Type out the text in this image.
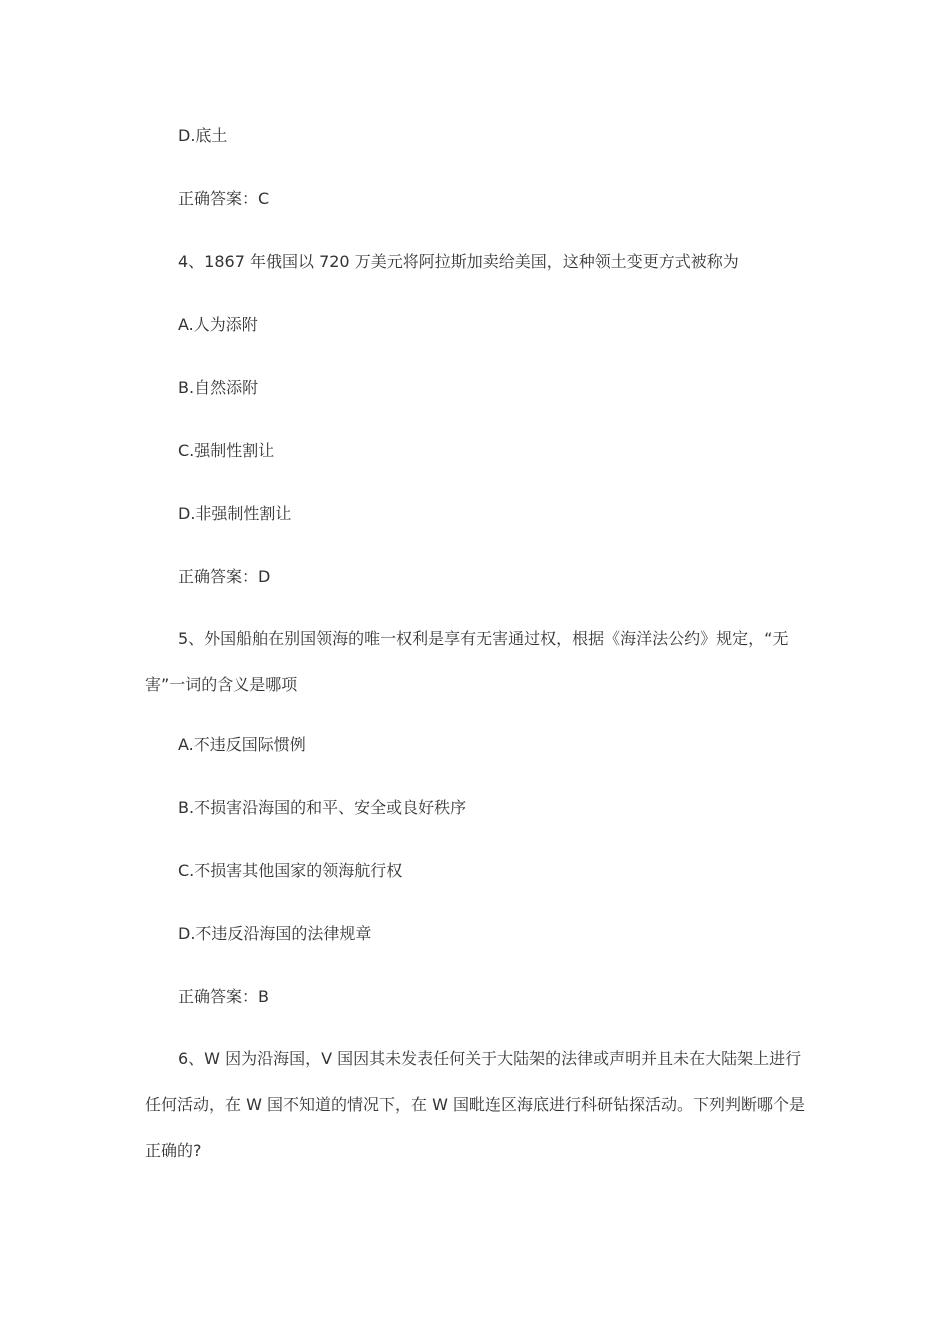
D.底土
正确答案：C
4、1867 年俄国以 720 万美元将阿拉斯加卖给美国，这种领土变更方式被称为
A.人为添附
B.自然添附
C.强制性割让
D.非强制性割让
正确答案：D
5、外国船舶在别国领海的唯一权利是享有无害通过权，根据《海洋法公约》规定，“无害”一词的含义是哪项
A.不违反国际惯例
B.不损害沿海国的和平、安全或良好秩序
C.不损害其他国家的领海航行权
D.不违反沿海国的法律规章
正确答案：B
6、W 因为沿海国，V 国因其未发表任何关于大陆架的法律或声明并且未在大陆架上进行任何活动，在 W 国不知道的情况下，在 W 国毗连区海底进行科研钻探活动。下列判断哪个是正确的?
